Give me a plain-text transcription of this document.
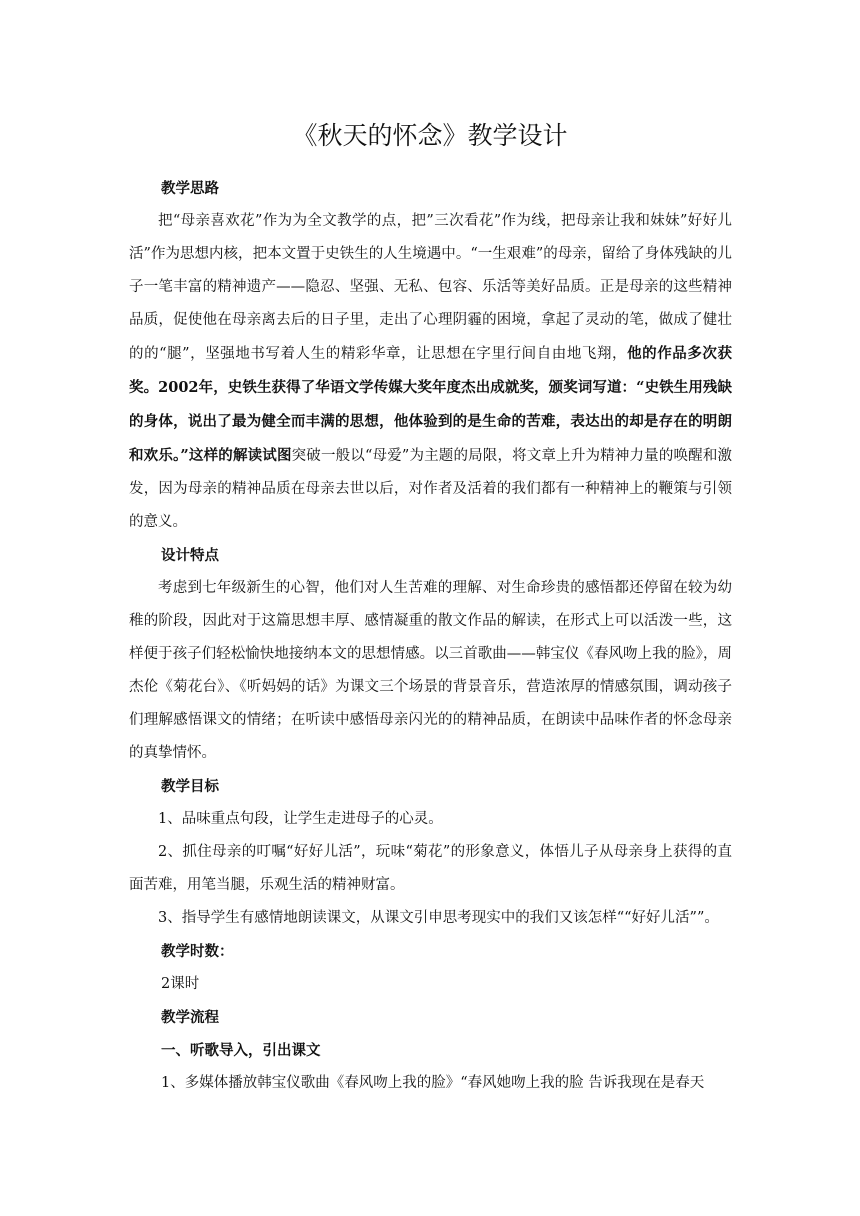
《秋天的怀念》教学设计

教学思路

把“母亲喜欢花”作为为全文教学的点，把”三次看花”作为线，把母亲让我和妹妹”好好儿活”作为思想内核，把本文置于史铁生的人生境遇中。“一生艰难”的母亲，留给了身体残缺的儿子一笔丰富的精神遗产——隐忍、坚强、无私、包容、乐活等美好品质。正是母亲的这些精神品质，促使他在母亲离去后的日子里，走出了心理阴霾的困境，拿起了灵动的笔，做成了健壮的的“腿”，坚强地书写着人生的精彩华章，让思想在字里行间自由地飞翔，他的作品多次获奖。2002年，史铁生获得了华语文学传媒大奖年度杰出成就奖，颁奖词写道：“史铁生用残缺的身体，说出了最为健全而丰满的思想，他体验到的是生命的苦难，表达出的却是存在的明朗和欢乐。”这样的解读试图突破一般以“母爱”为主题的局限，将文章上升为精神力量的唤醒和激发，因为母亲的精神品质在母亲去世以后，对作者及活着的我们都有一种精神上的鞭策与引领的意义。

设计特点

考虑到七年级新生的心智，他们对人生苦难的理解、对生命珍贵的感悟都还停留在较为幼稚的阶段，因此对于这篇思想丰厚、感情凝重的散文作品的解读，在形式上可以活泼一些，这样便于孩子们轻松愉快地接纳本文的思想情感。以三首歌曲——韩宝仪《春风吻上我的脸》，周杰伦《菊花台》、《听妈妈的话》为课文三个场景的背景音乐，营造浓厚的情感氛围，调动孩子们理解感悟课文的情绪；在听读中感悟母亲闪光的的精神品质，在朗读中品味作者的怀念母亲的真挚情怀。

教学目标

1、品味重点句段，让学生走进母子的心灵。

2、抓住母亲的叮嘱“好好儿活”，玩味“菊花”的形象意义，体悟儿子从母亲身上获得的直面苦难，用笔当腿，乐观生活的精神财富。

3、指导学生有感情地朗读课文，从课文引申思考现实中的我们又该怎样““好好儿活””。

教学时数：

2课时

教学流程

一、听歌导入，引出课文

1、多媒体播放韩宝仪歌曲《春风吻上我的脸》“春风她吻上我的脸 告诉我现在是春天
